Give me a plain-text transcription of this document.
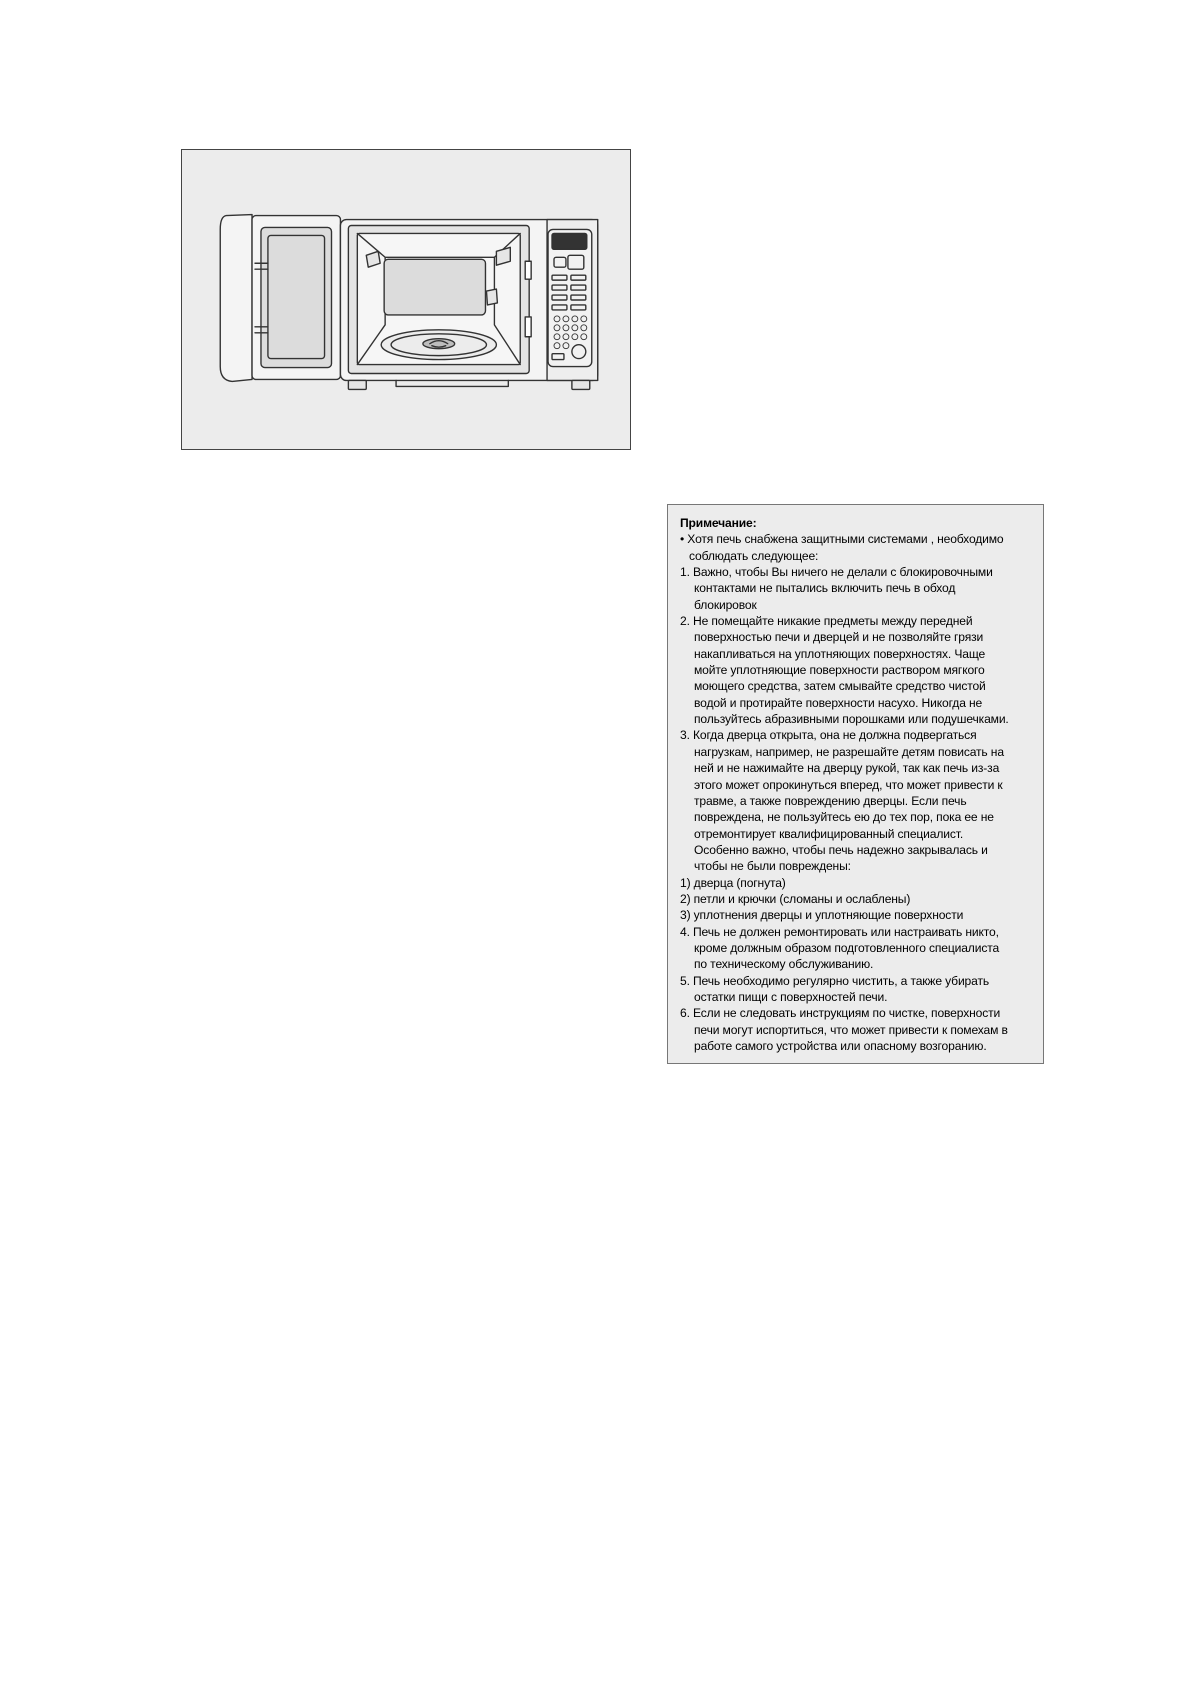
Примечание:
• Хотя печь снабжена защитными системами , необходимо
соблюдать следующее:
1. Важно, чтобы Вы ничего не делали с блокировочными
контактами не пытались включить печь в обход
блокировок
2. Не помещайте никакие предметы между передней
поверхностью печи и дверцей и не позволяйте грязи
накапливаться на уплотняющих поверхностях. Чаще
мойте уплотняющие поверхности раствором мягкого
моющего средства, затем смывайте средство чистой
водой и протирайте поверхности насухо. Никогда не
пользуйтесь абразивными порошками или подушечками.
3. Когда дверца открыта, она не должна подвергаться
нагрузкам, например, не разрешайте детям повисать на
ней и не нажимайте на дверцу рукой, так как печь из-за
этого может опрокинуться вперед, что может привести к
травме, а также повреждению дверцы. Если печь
повреждена, не пользуйтесь ею до тех пор, пока ее не
отремонтирует квалифицированный специалист.
Особенно важно, чтобы печь надежно закрывалась и
чтобы не были повреждены:
1) дверца (погнута)
2) петли и крючки (сломаны и ослаблены)
3) уплотнения дверцы и уплотняющие поверхности
4. Печь не должен ремонтировать или настраивать никто,
кроме должным образом подготовленного специалиста
по техническому обслуживанию.
5. Печь необходимо регулярно чистить, а также убирать
остатки пищи с поверхностей печи.
6. Если не следовать инструкциям по чистке, поверхности
печи могут испортиться, что может привести к помехам в
работе самого устройства или опасному возгоранию.
